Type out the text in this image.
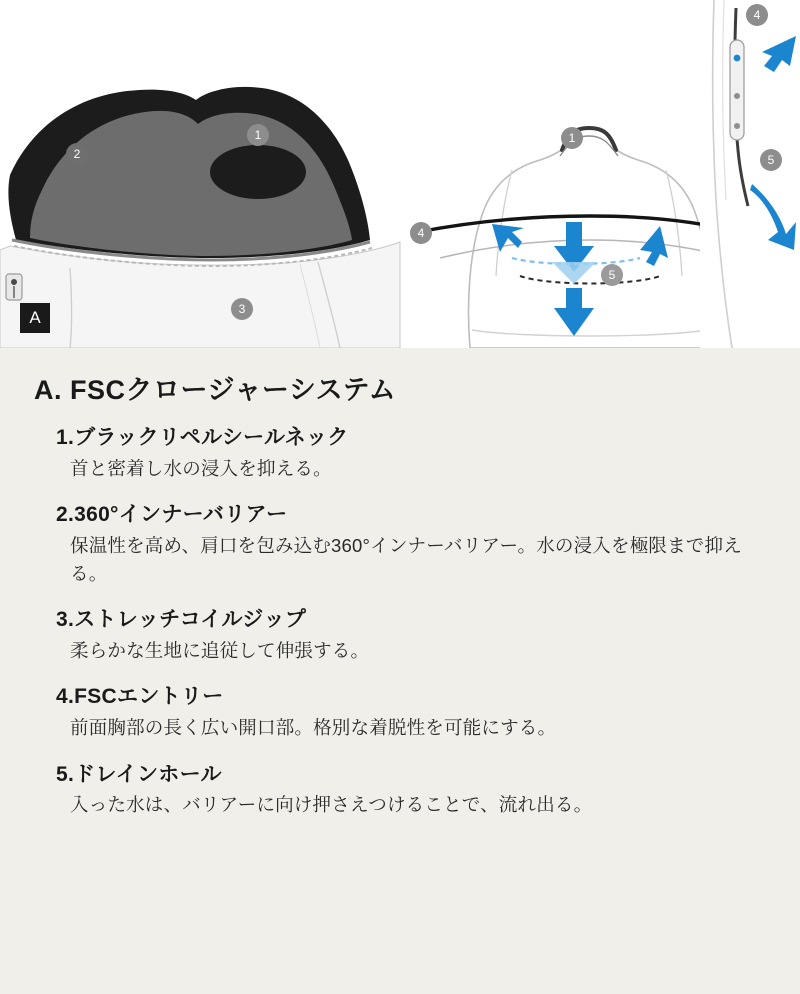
1
2
3
1
4
5
4
5
A
A. FSCクロージャーシステム

1.ブラックリペルシールネック

首と密着し水の浸入を抑える。

2.360°インナーバリアー

保温性を高め、肩口を包み込む360°インナーバリアー。水の浸入を極限まで抑える。

3.ストレッチコイルジップ

柔らかな生地に追従して伸張する。

4.FSCエントリー

前面胸部の長く広い開口部。格別な着脱性を可能にする。

5.ドレインホール

入った水は、バリアーに向け押さえつけることで、流れ出る。
